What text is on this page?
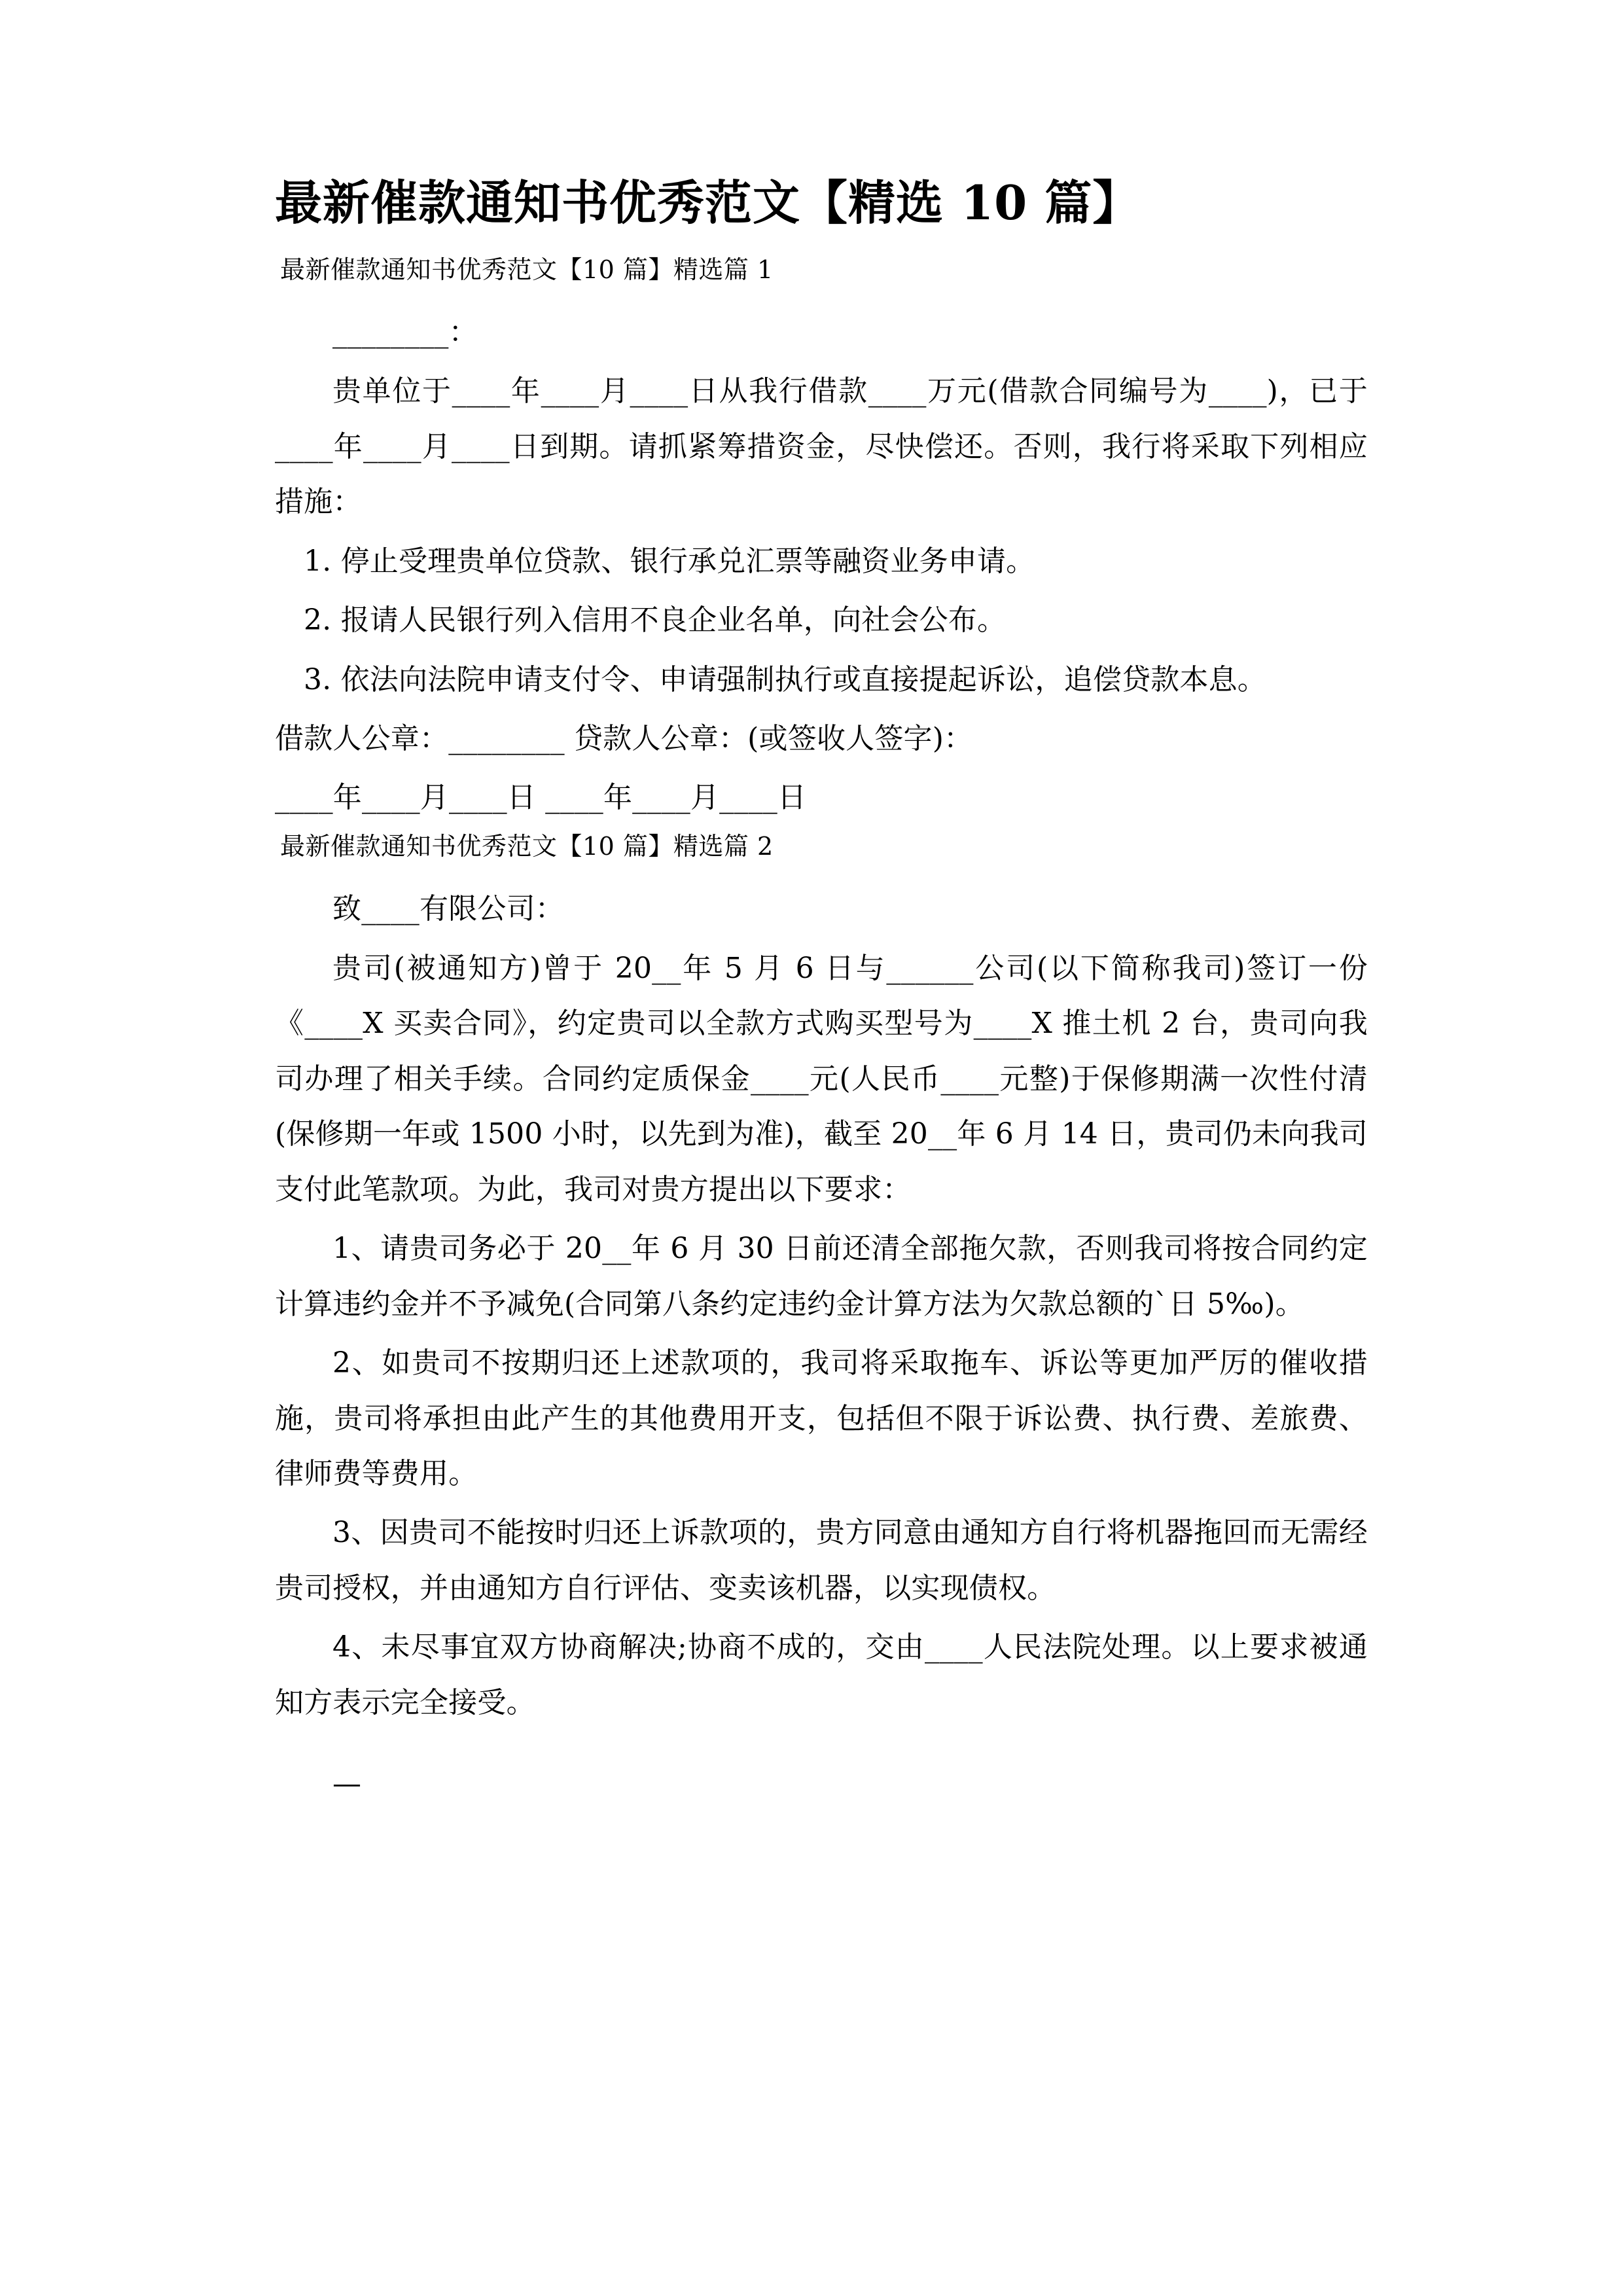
最新催款通知书优秀范文【精选 10 篇】

最新催款通知书优秀范文【10 篇】精选篇 1

________：

贵单位于____年____月____日从我行借款____万元(借款合同编号为____)，已于____年____月____日到期。请抓紧筹措资金，尽快偿还。否则，我行将采取下列相应措施：

1. 停止受理贵单位贷款、银行承兑汇票等融资业务申请。

2. 报请人民银行列入信用不良企业名单，向社会公布。

3. 依法向法院申请支付令、申请强制执行或直接提起诉讼，追偿贷款本息。

借款人公章：________ 贷款人公章：(或签收人签字)：

____年____月____日 ____年____月____日

最新催款通知书优秀范文【10 篇】精选篇 2

致____有限公司：

贵司(被通知方)曾于 20__年 5 月 6 日与______公司(以下简称我司)签订一份《____X 买卖合同》，约定贵司以全款方式购买型号为____X 推土机 2 台，贵司向我司办理了相关手续。合同约定质保金____元(人民币____元整)于保修期满一次性付清(保修期一年或 1500 小时，以先到为准)，截至 20__年 6 月 14 日，贵司仍未向我司支付此笔款项。为此，我司对贵方提出以下要求：

1、请贵司务必于 20__年 6 月 30 日前还清全部拖欠款，否则我司将按合同约定计算违约金并不予减免(合同第八条约定违约金计算方法为欠款总额的`日 5‰)。

2、如贵司不按期归还上述款项的，我司将采取拖车、诉讼等更加严厉的催收措施，贵司将承担由此产生的其他费用开支，包括但不限于诉讼费、执行费、差旅费、律师费等费用。

3、因贵司不能按时归还上诉款项的，贵方同意由通知方自行将机器拖回而无需经贵司授权，并由通知方自行评估、变卖该机器，以实现债权。

4、未尽事宜双方协商解决;协商不成的，交由____人民法院处理。以上要求被通知方表示完全接受。

—
